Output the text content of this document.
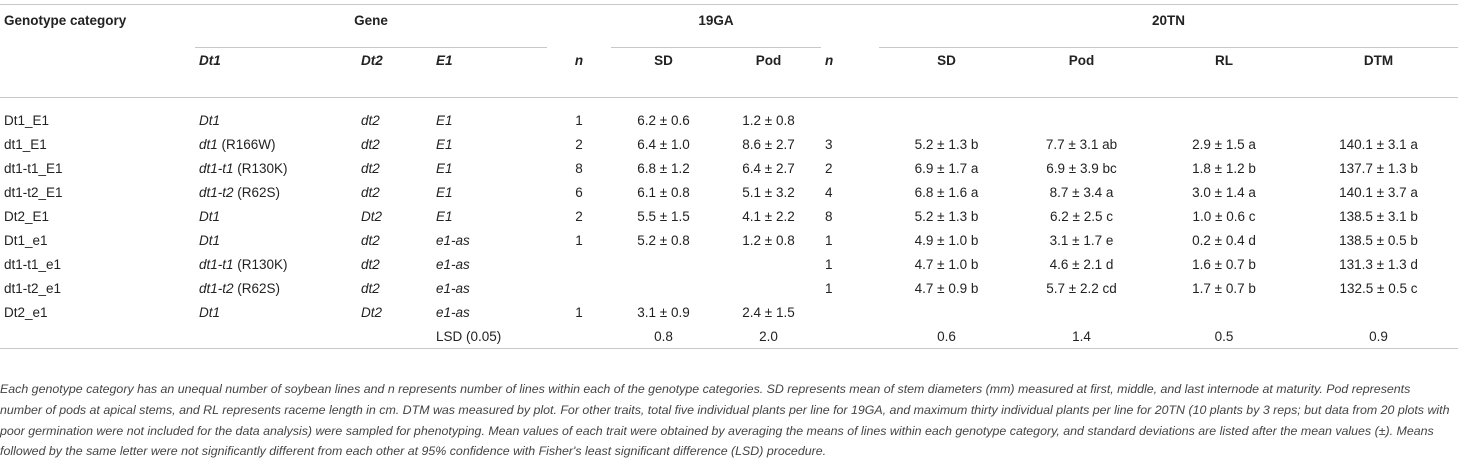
Genotype category	Gene				19GA			20TN			
	Dt1	Dt2	E1	n	SD	Pod	n	SD	Pod	RL	DTM

Dt1_E1	Dt1	dt2	E1	1	6.2 ± 0.6	1.2 ± 0.8					
dt1_E1	dt1 (R166W)	dt2	E1	2	6.4 ± 1.0	8.6 ± 2.7	3	5.2 ± 1.3 b	7.7 ± 3.1 ab	2.9 ± 1.5 a	140.1 ± 3.1 a
dt1-t1_E1	dt1-t1 (R130K)	dt2	E1	8	6.8 ± 1.2	6.4 ± 2.7	2	6.9 ± 1.7 a	6.9 ± 3.9 bc	1.8 ± 1.2 b	137.7 ± 1.3 b
dt1-t2_E1	dt1-t2 (R62S)	dt2	E1	6	6.1 ± 0.8	5.1 ± 3.2	4	6.8 ± 1.6 a	8.7 ± 3.4 a	3.0 ± 1.4 a	140.1 ± 3.7 a
Dt2_E1	Dt1	Dt2	E1	2	5.5 ± 1.5	4.1 ± 2.2	8	5.2 ± 1.3 b	6.2 ± 2.5 c	1.0 ± 0.6 c	138.5 ± 3.1 b
Dt1_e1	Dt1	dt2	e1-as	1	5.2 ± 0.8	1.2 ± 0.8	1	4.9 ± 1.0 b	3.1 ± 1.7 e	0.2 ± 0.4 d	138.5 ± 0.5 b
dt1-t1_e1	dt1-t1 (R130K)	dt2	e1-as				1	4.7 ± 1.0 b	4.6 ± 2.1 d	1.6 ± 0.7 b	131.3 ± 1.3 d
dt1-t2_e1	dt1-t2 (R62S)	dt2	e1-as				1	4.7 ± 0.9 b	5.7 ± 2.2 cd	1.7 ± 0.7 b	132.5 ± 0.5 c
Dt2_e1	Dt1	Dt2	e1-as	1	3.1 ± 0.9	2.4 ± 1.5					
			LSD (0.05)		0.8	2.0		0.6	1.4	0.5	0.9

Each genotype category has an unequal number of soybean lines and n represents number of lines within each of the genotype categories. SD represents mean of stem diameters (mm) measured at first, middle, and last internode at maturity. Pod represents number of pods at apical stems, and RL represents raceme length in cm. DTM was measured by plot. For other traits, total five individual plants per line for 19GA, and maximum thirty individual plants per line for 20TN (10 plants by 3 reps; but data from 20 plots with poor germination were not included for the data analysis) were sampled for phenotyping. Mean values of each trait were obtained by averaging the means of lines within each genotype category, and standard deviations are listed after the mean values (±). Means followed by the same letter were not significantly different from each other at 95% confidence with Fisher's least significant difference (LSD) procedure.
